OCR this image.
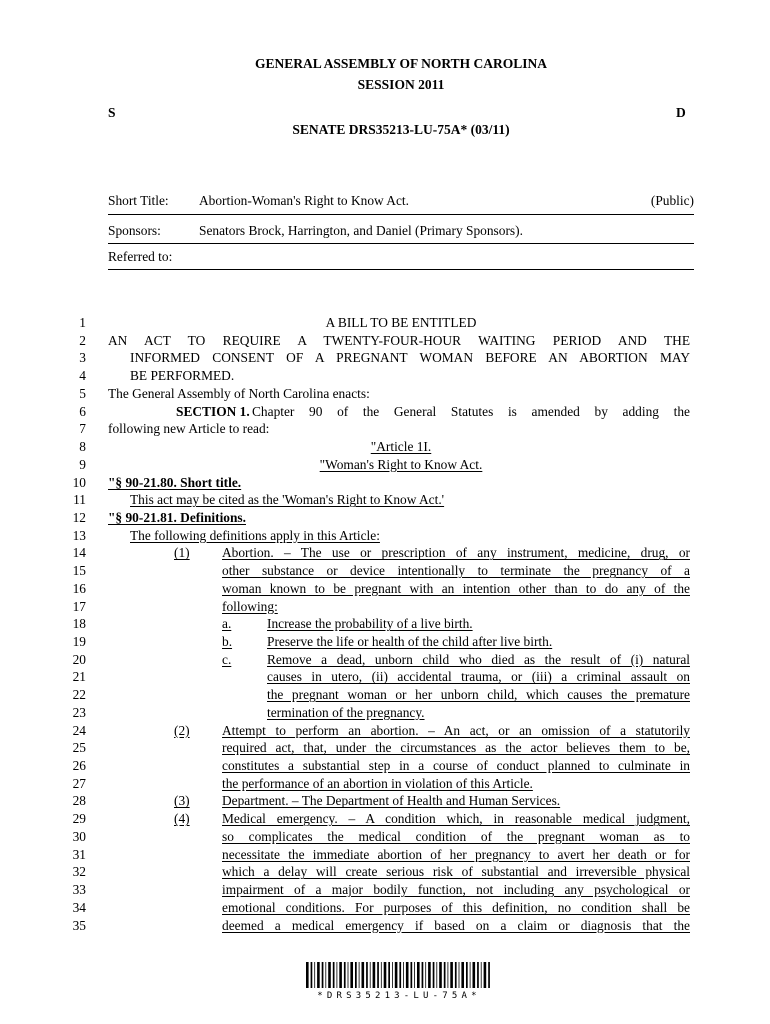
GENERAL ASSEMBLY OF NORTH CAROLINA
SESSION 2011
S	D
SENATE DRS35213-LU-75A* (03/11)
Short Title: Abortion-Woman's Right to Know Act.	(Public)
Sponsors:	Senators Brock, Harrington, and Daniel (Primary Sponsors).
Referred to:
1	A BILL TO BE ENTITLED
2 AN ACT TO REQUIRE A TWENTY-FOUR-HOUR WAITING PERIOD AND THE
3	INFORMED CONSENT OF A PREGNANT WOMAN BEFORE AN ABORTION MAY
4	BE PERFORMED.
5 The General Assembly of North Carolina enacts:
6	SECTION 1. Chapter 90 of the General Statutes is amended by adding the
7 following new Article to read:
8	"Article 1I.
9	"Woman's Right to Know Act.
10 "§ 90-21.80. Short title.
11	This act may be cited as the 'Woman's Right to Know Act.'
12 "§ 90-21.81. Definitions.
13	The following definitions apply in this Article:
14	(1) Abortion. – The use or prescription of any instrument, medicine, drug, or
15	other substance or device intentionally to terminate the pregnancy of a
16	woman known to be pregnant with an intention other than to do any of the
17	following:
18	a.	Increase the probability of a live birth.
19	b.	Preserve the life or health of the child after live birth.
20	c.	Remove a dead, unborn child who died as the result of (i) natural
21	causes in utero, (ii) accidental trauma, or (iii) a criminal assault on
22	the pregnant woman or her unborn child, which causes the premature
23	termination of the pregnancy.
24	(2) Attempt to perform an abortion. – An act, or an omission of a statutorily
25	required act, that, under the circumstances as the actor believes them to be,
26	constitutes a substantial step in a course of conduct planned to culminate in
27	the performance of an abortion in violation of this Article.
28	(3) Department. – The Department of Health and Human Services.
29	(4) Medical emergency. – A condition which, in reasonable medical judgment,
30	so complicates the medical condition of the pregnant woman as to
31	necessitate the immediate abortion of her pregnancy to avert her death or for
32	which a delay will create serious risk of substantial and irreversible physical
33	impairment of a major bodily function, not including any psychological or
34	emotional conditions. For purposes of this definition, no condition shall be
35	deemed a medical emergency if based on a claim or diagnosis that the
*DRS35213-LU-75A*
